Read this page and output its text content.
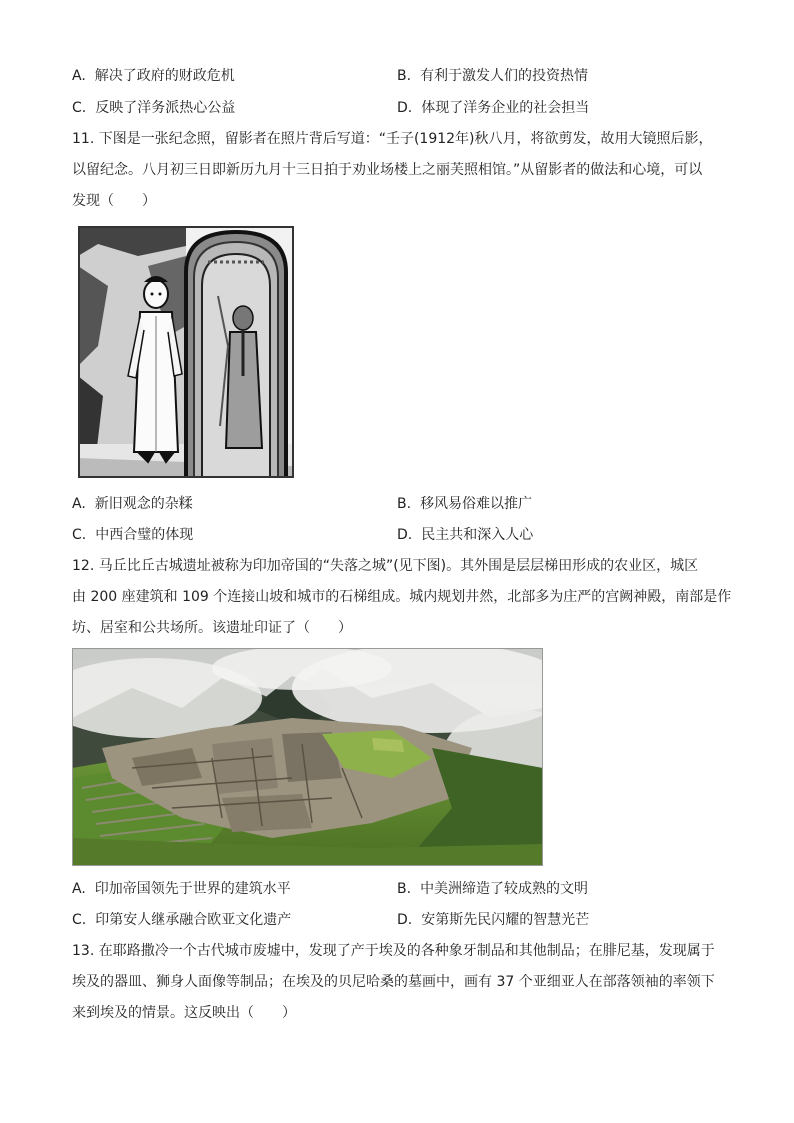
A. 解决了政府的财政危机	B. 有利于激发人们的投资热情
C. 反映了洋务派热心公益	D. 体现了洋务企业的社会担当
11. 下图是一张纪念照，留影者在照片背后写道：“壬子(1912年)秋八月，将欲剪发，故用大镜照后影，
以留纪念。八月初三日即新历九月十三日拍于劝业场楼上之丽芙照相馆。”从留影者的做法和心境，可以
发现（　　）
A. 新旧观念的杂糅	B. 移风易俗难以推广
C. 中西合璧的体现	D. 民主共和深入人心
12. 马丘比丘古城遗址被称为印加帝国的“失落之城”(见下图)。其外围是层层梯田形成的农业区，城区
由 200 座建筑和 109 个连接山坡和城市的石梯组成。城内规划井然，北部多为庄严的宫阙神殿，南部是作
坊、居室和公共场所。该遗址印证了（　　）
A. 印加帝国领先于世界的建筑水平	B. 中美洲缔造了较成熟的文明
C. 印第安人继承融合欧亚文化遗产	D. 安第斯先民闪耀的智慧光芒
13. 在耶路撒冷一个古代城市废墟中，发现了产于埃及的各种象牙制品和其他制品；在腓尼基，发现属于
埃及的器皿、狮身人面像等制品；在埃及的贝尼哈桑的墓画中，画有 37 个亚细亚人在部落领袖的率领下
来到埃及的情景。这反映出（　　）
